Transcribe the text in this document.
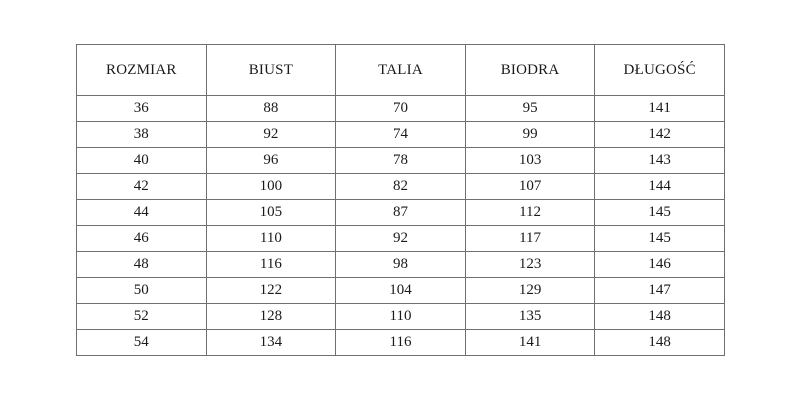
ROZMIAR	BIUST	TALIA	BIODRA	DŁUGOŚĆ
36	88	70	95	141
38	92	74	99	142
40	96	78	103	143
42	100	82	107	144
44	105	87	112	145
46	110	92	117	145
48	116	98	123	146
50	122	104	129	147
52	128	110	135	148
54	134	116	141	148
